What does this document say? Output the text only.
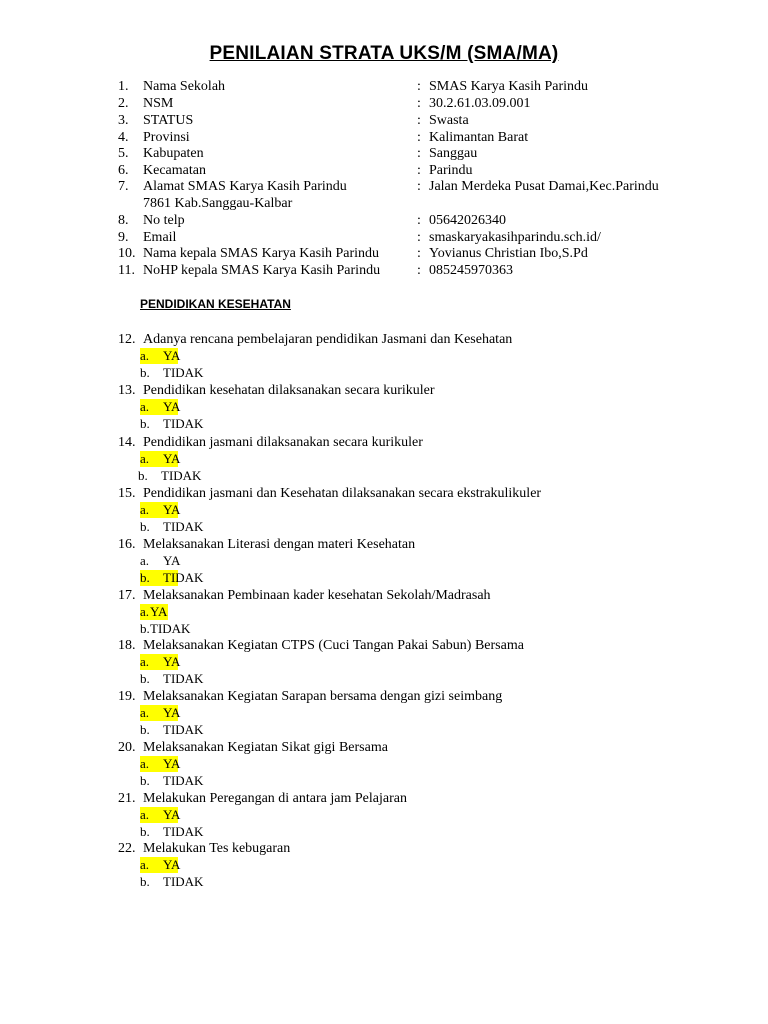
PENILAIAN STRATA UKS/M (SMA/MA)
1.	Nama Sekolah	: SMAS Karya Kasih Parindu
2.	NSM	: 30.2.61.03.09.001
3.	STATUS	: Swasta
4.	Provinsi	: Kalimantan Barat
5.	Kabupaten	: Sanggau
6.	Kecamatan	: Parindu
7.	Alamat SMAS Karya Kasih Parindu	: Jalan Merdeka Pusat Damai,Kec.Parindu
7861 Kab.Sanggau-Kalbar
8.	No telp	: 05642026340
9.	Email	: smaskaryakasihparindu.sch.id/
10. Nama kepala SMAS Karya Kasih Parindu	: Yovianus Christian Ibo,S.Pd
11. NoHP kepala SMAS Karya Kasih Parindu	: 085245970363
PENDIDIKAN KESEHATAN
12. Adanya rencana pembelajaran pendidikan Jasmani dan Kesehatan
a. YA
b. TIDAK
13. Pendidikan kesehatan dilaksanakan secara kurikuler
a. YA
b. TIDAK
14. Pendidikan jasmani dilaksanakan secara kurikuler
a. YA
b. TIDAK
15. Pendidikan jasmani dan Kesehatan dilaksanakan secara ekstrakulikuler
a. YA
b. TIDAK
16. Melaksanakan Literasi dengan materi Kesehatan
a. YA
b. TIDAK
17. Melaksanakan Pembinaan kader kesehatan Sekolah/Madrasah
a. YA
b. TIDAK
18. Melaksanakan Kegiatan CTPS (Cuci Tangan Pakai Sabun) Bersama
a. YA
b. TIDAK
19. Melaksanakan Kegiatan Sarapan bersama dengan gizi seimbang
a. YA
b. TIDAK
20. Melaksanakan Kegiatan Sikat gigi Bersama
a. YA
b. TIDAK
21. Melakukan Peregangan di antara jam Pelajaran
a. YA
b. TIDAK
22. Melakukan Tes kebugaran
a. YA
b. TIDAK
